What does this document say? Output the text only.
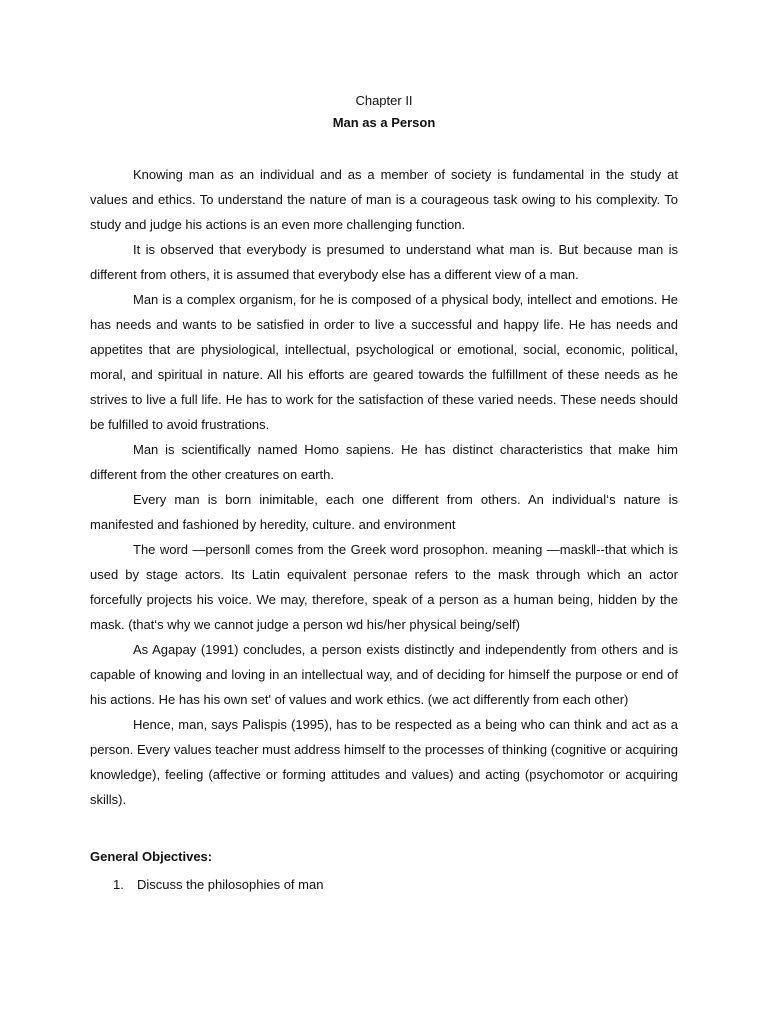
Chapter II
Man as a Person

Knowing man as an individual and as a member of society is fundamental in the study at values and ethics. To understand the nature of man is a courageous task owing to his complexity. To study and judge his actions is an even more challenging function.

It is observed that everybody is presumed to understand what man is. But because man is different from others, it is assumed that everybody else has a different view of a man.

Man is a complex organism, for he is composed of a physical body, intellect and emotions. He has needs and wants to be satisfied in order to live a successful and happy life. He has needs and appetites that are physiological, intellectual, psychological or emotional, social, economic, political, moral, and spiritual in nature. All his efforts are geared towards the fulfillment of these needs as he strives to live a full life. He has to work for the satisfaction of these varied needs. These needs should be fulfilled to avoid frustrations.

Man is scientifically named Homo sapiens. He has distinct characteristics that make him different from the other creatures on earth.

Every man is born inimitable, each one different from others. An individual‘s nature is manifested and fashioned by heredity, culture. and environment

The word ―person‖ comes from the Greek word prosophon. meaning ―mask‖--that which is used by stage actors. Its Latin equivalent personae refers to the mask through which an actor forcefully projects his voice. We may, therefore, speak of a person as a human being, hidden by the mask. (that‘s why we cannot judge a person wd his/her physical being/self)

As Agapay (1991) concludes, a person exists distinctly and independently from others and is capable of knowing and loving in an intellectual way, and of deciding for himself the purpose or end of his actions. He has his own set' of values and work ethics. (we act differently from each other)

Hence, man, says Palispis (1995), has to be respected as a being who can think and act as a person. Every values teacher must address himself to the processes of thinking (cognitive or acquiring knowledge), feeling (affective or forming attitudes and values) and acting (psychomotor or acquiring skills).

General Objectives:
1.	Discuss the philosophies of man
